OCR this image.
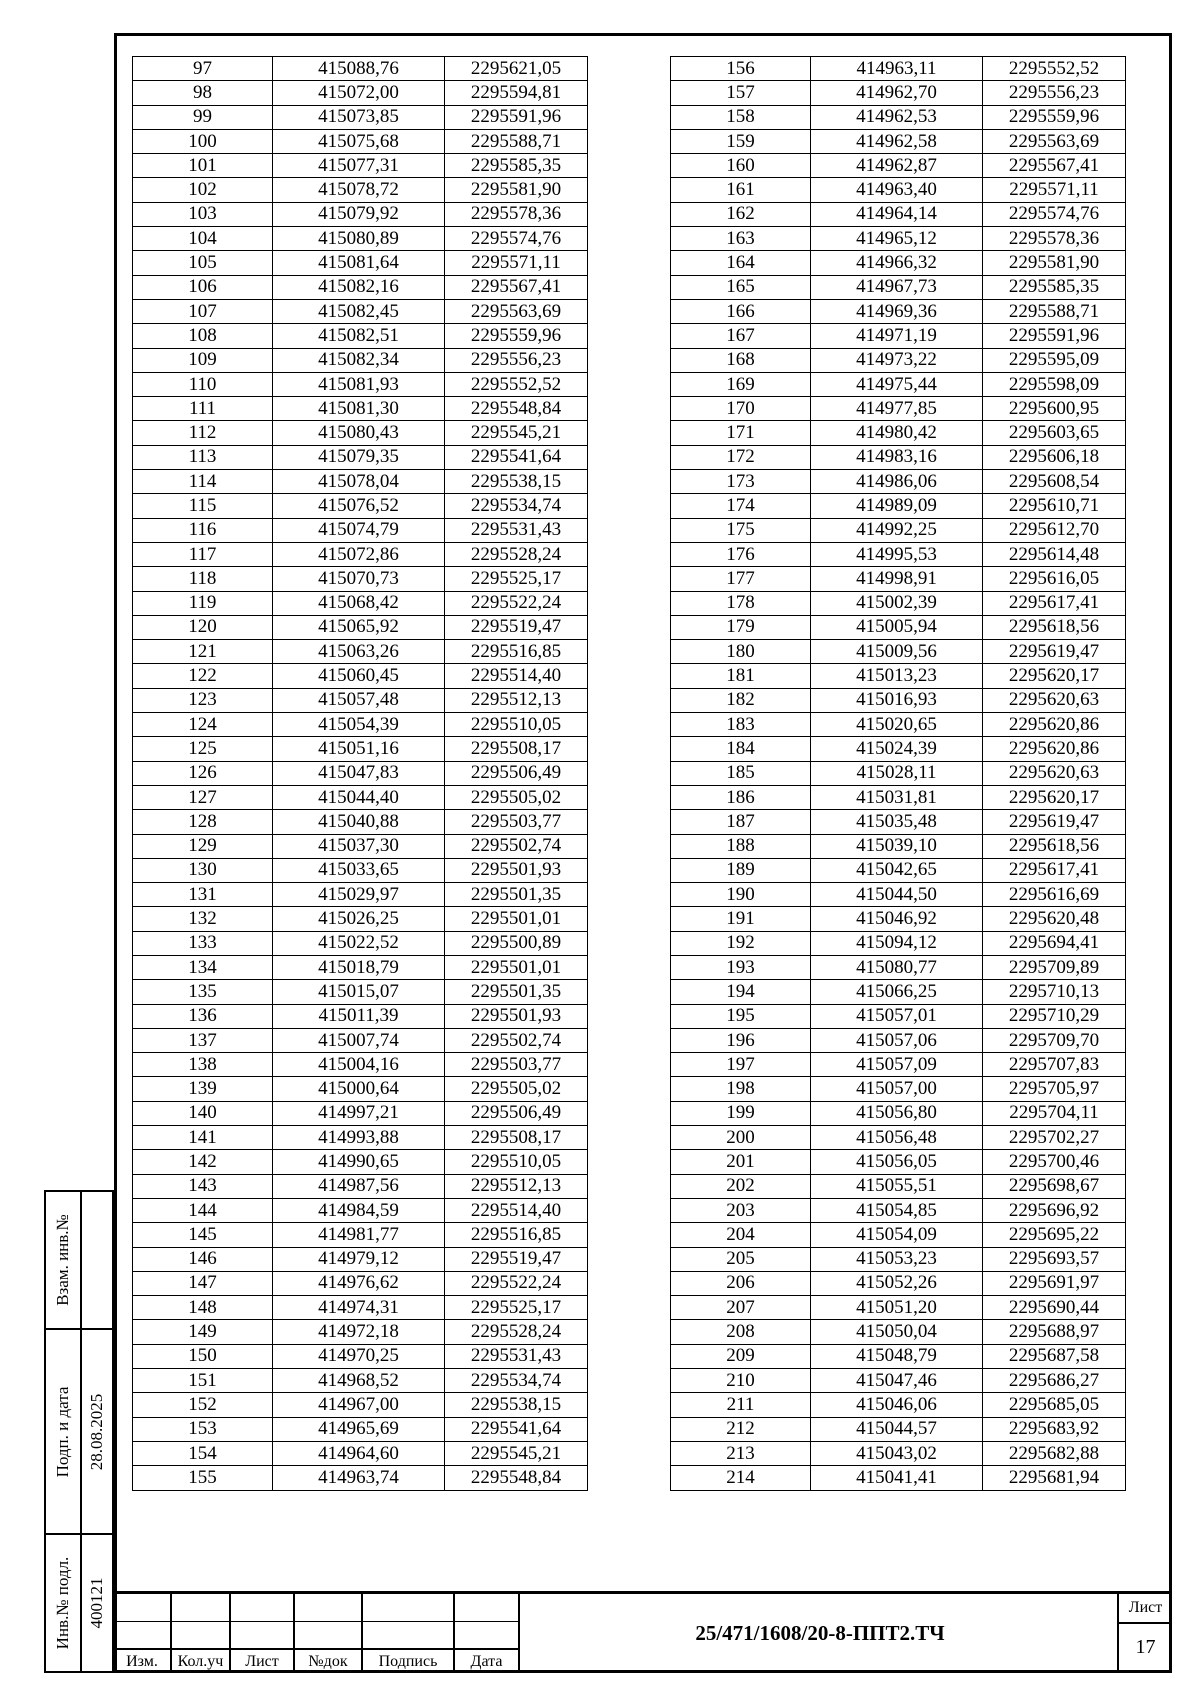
97	415088,76	2295621,05
98	415072,00	2295594,81
99	415073,85	2295591,96
100	415075,68	2295588,71
101	415077,31	2295585,35
102	415078,72	2295581,90
103	415079,92	2295578,36
104	415080,89	2295574,76
105	415081,64	2295571,11
106	415082,16	2295567,41
107	415082,45	2295563,69
108	415082,51	2295559,96
109	415082,34	2295556,23
110	415081,93	2295552,52
111	415081,30	2295548,84
112	415080,43	2295545,21
113	415079,35	2295541,64
114	415078,04	2295538,15
115	415076,52	2295534,74
116	415074,79	2295531,43
117	415072,86	2295528,24
118	415070,73	2295525,17
119	415068,42	2295522,24
120	415065,92	2295519,47
121	415063,26	2295516,85
122	415060,45	2295514,40
123	415057,48	2295512,13
124	415054,39	2295510,05
125	415051,16	2295508,17
126	415047,83	2295506,49
127	415044,40	2295505,02
128	415040,88	2295503,77
129	415037,30	2295502,74
130	415033,65	2295501,93
131	415029,97	2295501,35
132	415026,25	2295501,01
133	415022,52	2295500,89
134	415018,79	2295501,01
135	415015,07	2295501,35
136	415011,39	2295501,93
137	415007,74	2295502,74
138	415004,16	2295503,77
139	415000,64	2295505,02
140	414997,21	2295506,49
141	414993,88	2295508,17
142	414990,65	2295510,05
143	414987,56	2295512,13
144	414984,59	2295514,40
145	414981,77	2295516,85
146	414979,12	2295519,47
147	414976,62	2295522,24
148	414974,31	2295525,17
149	414972,18	2295528,24
150	414970,25	2295531,43
151	414968,52	2295534,74
152	414967,00	2295538,15
153	414965,69	2295541,64
154	414964,60	2295545,21
155	414963,74	2295548,84
156	414963,11	2295552,52
157	414962,70	2295556,23
158	414962,53	2295559,96
159	414962,58	2295563,69
160	414962,87	2295567,41
161	414963,40	2295571,11
162	414964,14	2295574,76
163	414965,12	2295578,36
164	414966,32	2295581,90
165	414967,73	2295585,35
166	414969,36	2295588,71
167	414971,19	2295591,96
168	414973,22	2295595,09
169	414975,44	2295598,09
170	414977,85	2295600,95
171	414980,42	2295603,65
172	414983,16	2295606,18
173	414986,06	2295608,54
174	414989,09	2295610,71
175	414992,25	2295612,70
176	414995,53	2295614,48
177	414998,91	2295616,05
178	415002,39	2295617,41
179	415005,94	2295618,56
180	415009,56	2295619,47
181	415013,23	2295620,17
182	415016,93	2295620,63
183	415020,65	2295620,86
184	415024,39	2295620,86
185	415028,11	2295620,63
186	415031,81	2295620,17
187	415035,48	2295619,47
188	415039,10	2295618,56
189	415042,65	2295617,41
190	415044,50	2295616,69
191	415046,92	2295620,48
192	415094,12	2295694,41
193	415080,77	2295709,89
194	415066,25	2295710,13
195	415057,01	2295710,29
196	415057,06	2295709,70
197	415057,09	2295707,83
198	415057,00	2295705,97
199	415056,80	2295704,11
200	415056,48	2295702,27
201	415056,05	2295700,46
202	415055,51	2295698,67
203	415054,85	2295696,92
204	415054,09	2295695,22
205	415053,23	2295693,57
206	415052,26	2295691,97
207	415051,20	2295690,44
208	415050,04	2295688,97
209	415048,79	2295687,58
210	415047,46	2295686,27
211	415046,06	2295685,05
212	415044,57	2295683,92
213	415043,02	2295682,88
214	415041,41	2295681,94
Взам. инв.№
Подп. и дата 28.08.2025
Инв.№ подл. 400121
Изм.	Кол.уч	Лист	№док	Подпись	Дата
25/471/1608/20-8-ППТ2.ТЧ
Лист
17
